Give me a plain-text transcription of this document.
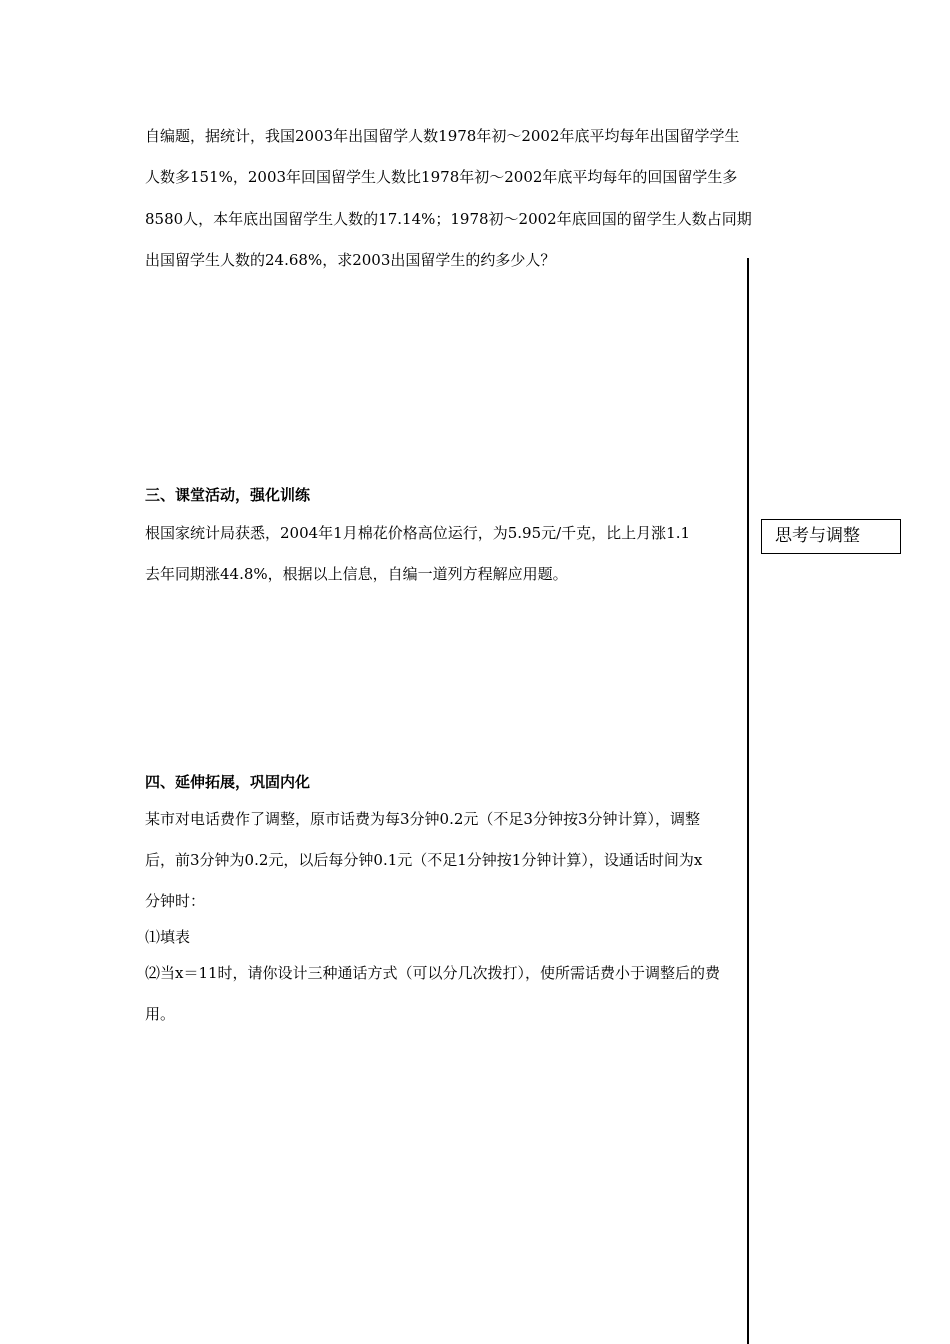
自编题，据统计，我国2003年出国留学人数1978年初～2002年底平均每年出国留学学生
人数多151%，2003年回国留学生人数比1978年初～2002年底平均每年的回国留学生多
8580人，本年底出国留学生人数的17.14%；1978初～2002年底回国的留学生人数占同期
出国留学生人数的24.68%，求2003出国留学生的约多少人？
三、课堂活动，强化训练
根国家统计局获悉，2004年1月棉花价格高位运行，为5.95元/千克，比上月涨1.1
去年同期涨44.8%，根据以上信息，自编一道列方程解应用题。
四、延伸拓展，巩固内化
某市对电话费作了调整，原市话费为每3分钟0.2元（不足3分钟按3分钟计算），调整
后，前3分钟为0.2元，以后每分钟0.1元（不足1分钟按1分钟计算），设通话时间为x
分钟时：
⑴填表
⑵当x＝11时，请你设计三种通话方式（可以分几次拨打），使所需话费小于调整后的费
用。
思考与调整
